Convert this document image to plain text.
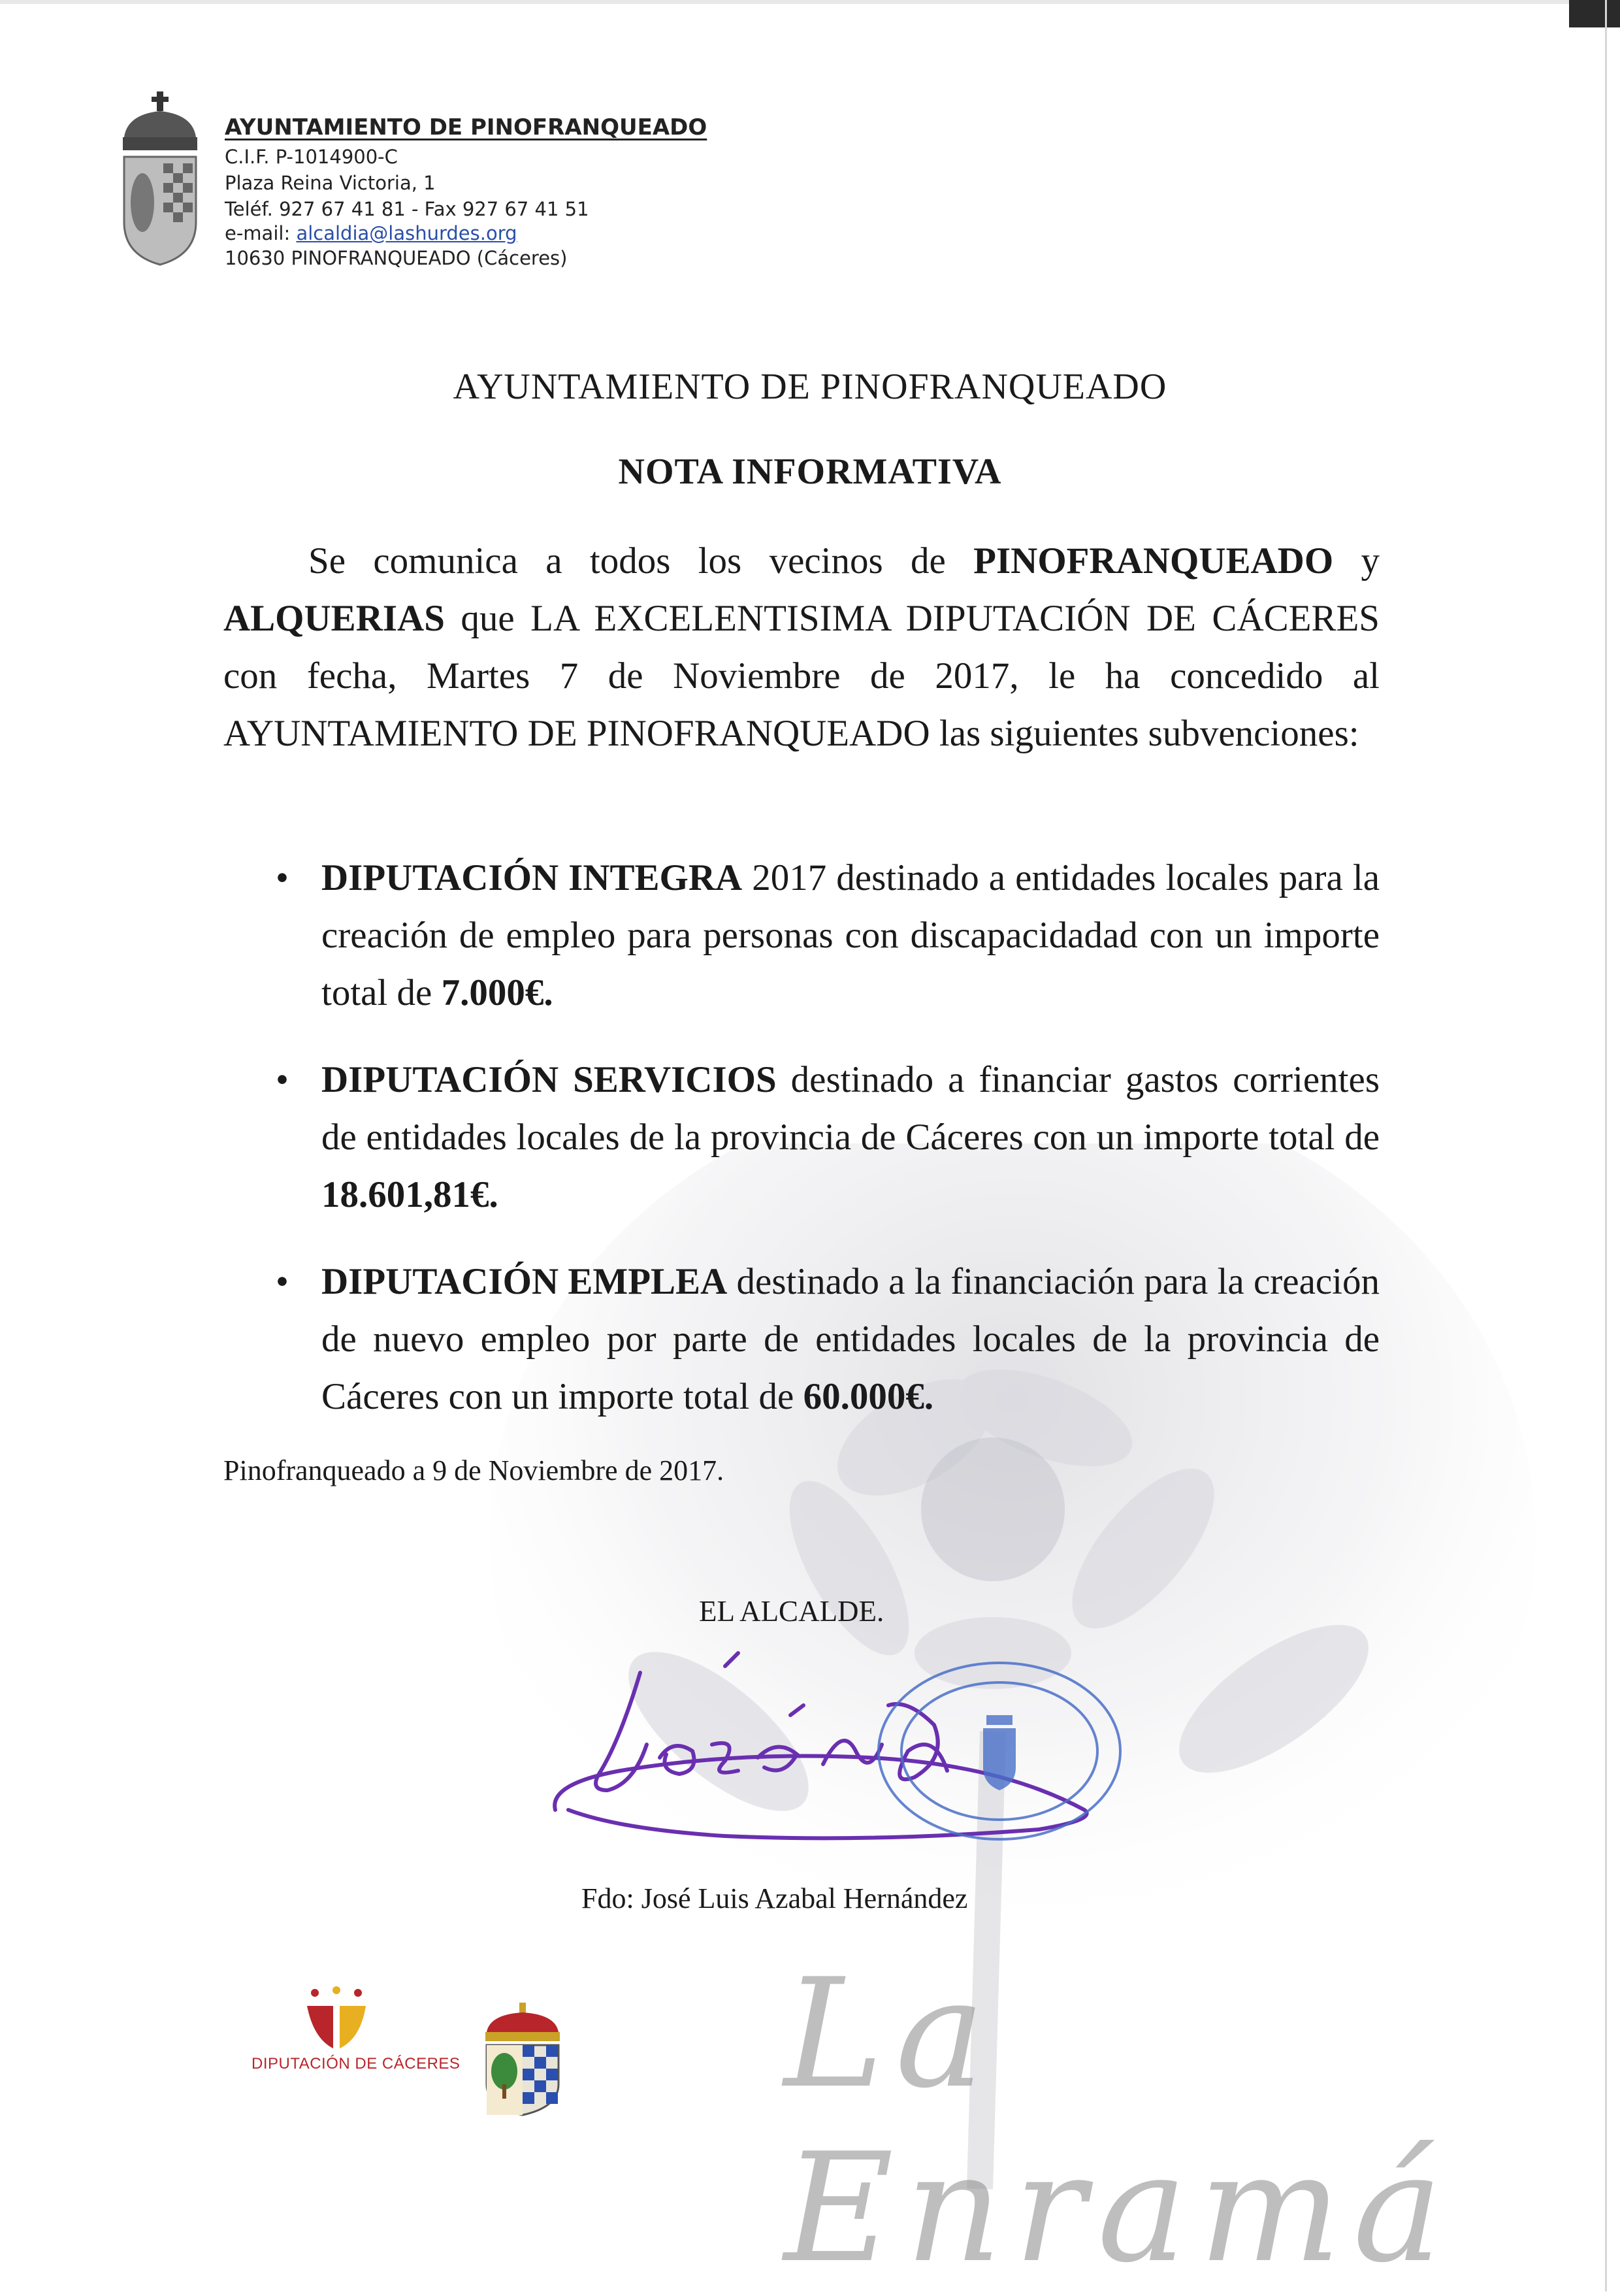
La Enramá
AYUNTAMIENTO DE PINOFRANQUEADO
C.I.F. P-1014900-C
Plaza Reina Victoria, 1
Teléf. 927 67 41 81 - Fax 927 67 41 51
e-mail: alcaldia@lashurdes.org
10630 PINOFRANQUEADO (Cáceres)
AYUNTAMIENTO DE PINOFRANQUEADO
NOTA INFORMATIVA

Se comunica a todos los vecinos de PINOFRANQUEADO y ALQUERIAS que LA EXCELENTISIMA DIPUTACIÓN DE CÁCERES con fecha, Martes 7 de Noviembre de 2017, le ha concedido al AYUNTAMIENTO DE PINOFRANQUEADO las siguientes subvenciones:

• DIPUTACIÓN INTEGRA 2017 destinado a entidades locales para la creación de empleo para personas con discapacidadad con un importe total de 7.000€.
• DIPUTACIÓN SERVICIOS destinado a financiar gastos corrientes de entidades locales de la provincia de Cáceres con un importe total de 18.601,81€.
• DIPUTACIÓN EMPLEA destinado a la financiación para la creación de nuevo empleo por parte de entidades locales de la provincia de Cáceres con un importe total de 60.000€.
Pinofranqueado a 9 de Noviembre de 2017.
EL ALCALDE.
Fdo: José Luis Azabal Hernández
DIPUTACIÓN DE CÁCERES
